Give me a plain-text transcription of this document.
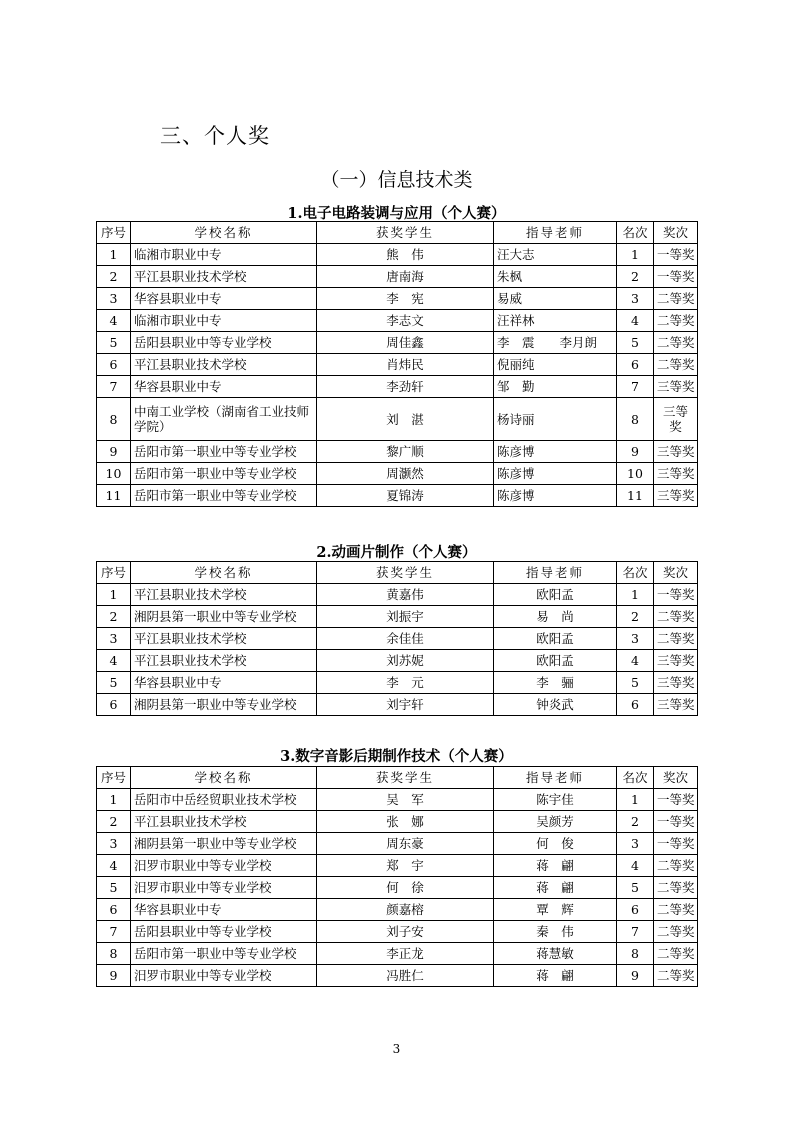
三、个人奖
（一）信息技术类
1.电子电路装调与应用（个人赛）
序号	学校名称	获奖学生	指导老师	名次	奖次
1	临湘市职业中专	熊　伟	汪大志	1	一等奖
2	平江县职业技术学校	唐南海	朱枫	2	一等奖
3	华容县职业中专	李　宪	易威	3	二等奖
4	临湘市职业中专	李志文	汪祥林	4	二等奖
5	岳阳县职业中等专业学校	周佳鑫	李　震　　李月朗	5	二等奖
6	平江县职业技术学校	肖炜民	倪丽纯	6	二等奖
7	华容县职业中专	李劲轩	邹　勤	7	三等奖
8	中南工业学校（湖南省工业技师学院）	刘　湛	杨诗丽	8	三等奖
9	岳阳市第一职业中等专业学校	黎广顺	陈彦博	9	三等奖
10	岳阳市第一职业中等专业学校	周灏然	陈彦博	10	三等奖
11	岳阳市第一职业中等专业学校	夏锦涛	陈彦博	11	三等奖
2.动画片制作（个人赛）
序号	学校名称	获奖学生	指导老师	名次	奖次
1	平江县职业技术学校	黄嘉伟	欧阳孟	1	一等奖
2	湘阴县第一职业中等专业学校	刘振宇	易　尚	2	二等奖
3	平江县职业技术学校	余佳佳	欧阳孟	3	二等奖
4	平江县职业技术学校	刘苏妮	欧阳孟	4	三等奖
5	华容县职业中专	李　元	李　骊	5	三等奖
6	湘阴县第一职业中等专业学校	刘宇轩	钟炎武	6	三等奖
3.数字音影后期制作技术（个人赛）
序号	学校名称	获奖学生	指导老师	名次	奖次
1	岳阳市中岳经贸职业技术学校	吴　军	陈宇佳	1	一等奖
2	平江县职业技术学校	张　娜	吴颜芳	2	一等奖
3	湘阴县第一职业中等专业学校	周东豪	何　俊	3	一等奖
4	汨罗市职业中等专业学校	郑　宇	蒋　翩	4	二等奖
5	汨罗市职业中等专业学校	何　徐	蒋　翩	5	二等奖
6	华容县职业中专	颜嘉榕	覃　辉	6	二等奖
7	岳阳县职业中等专业学校	刘子安	秦　伟	7	二等奖
8	岳阳市第一职业中等专业学校	李正龙	蒋慧敏	8	二等奖
9	汨罗市职业中等专业学校	冯胜仁	蒋　翩	9	二等奖
3
